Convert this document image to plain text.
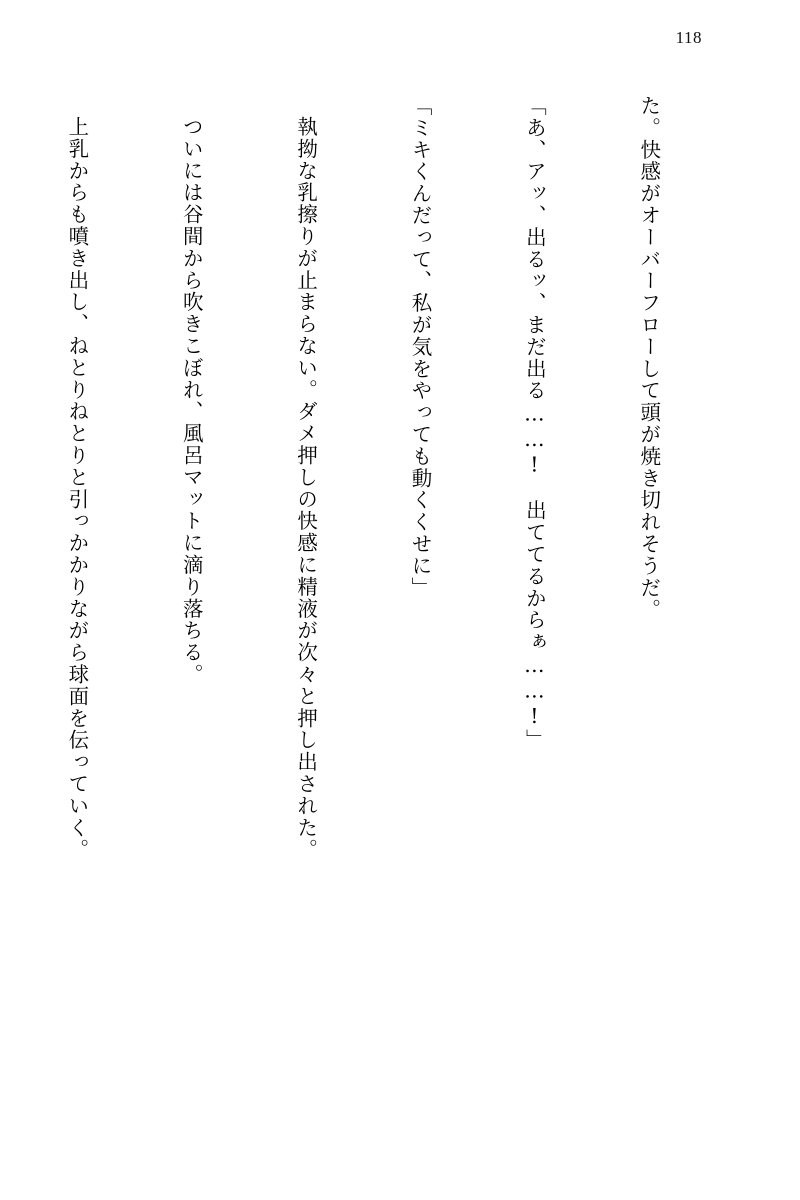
118

た。快感がオーバーフローして頭が焼き切れそうだ。

「あ、アッ、出るッ、まだ出る……!　出ててるからぁ……!」

「ミキくんだって、私が気をやっても動くくせに」

執拗な乳擦りが止まらない。ダメ押しの快感に精液が次々と押し出された。

ついには谷間から吹きこぼれ、風呂マットに滴り落ちる。

上乳からも噴き出し、ねとりねとりと引っかかりながら球面を伝っていく。
